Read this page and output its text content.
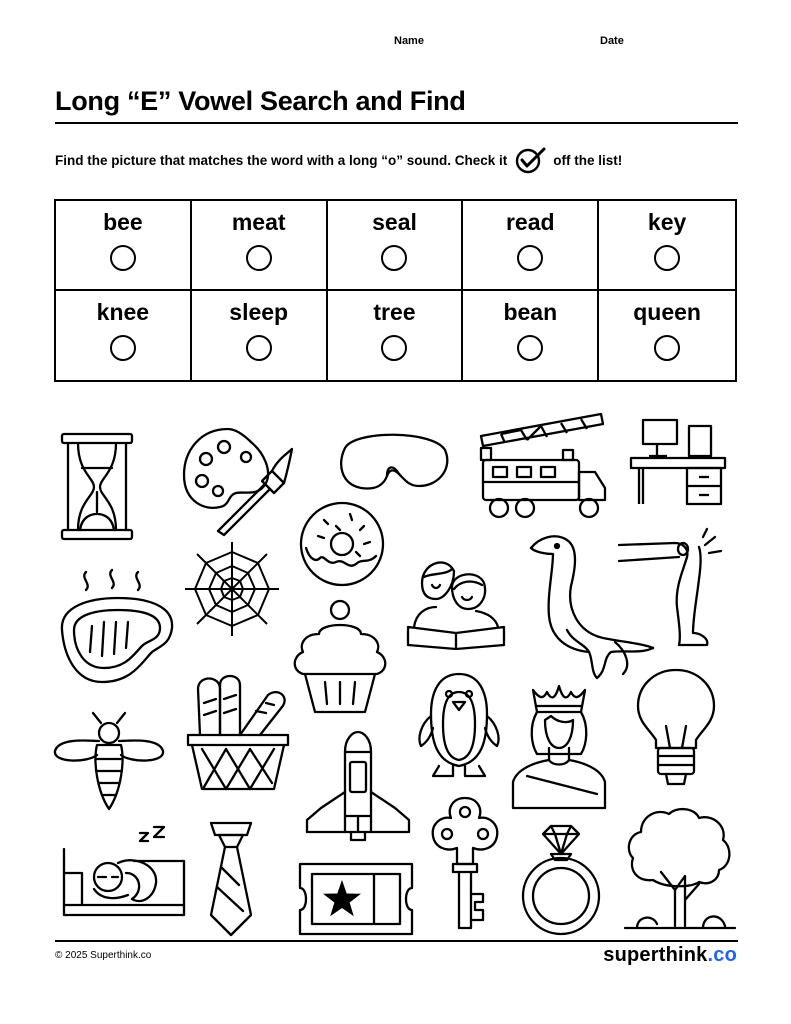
Name	Date
Long “E” Vowel Search and Find
Find the picture that matches the word with a long “o” sound. Check it	off the list!
bee	meat	seal	read	key
knee	sleep	tree	bean	queen
© 2025 Superthink.co	superthink.co
